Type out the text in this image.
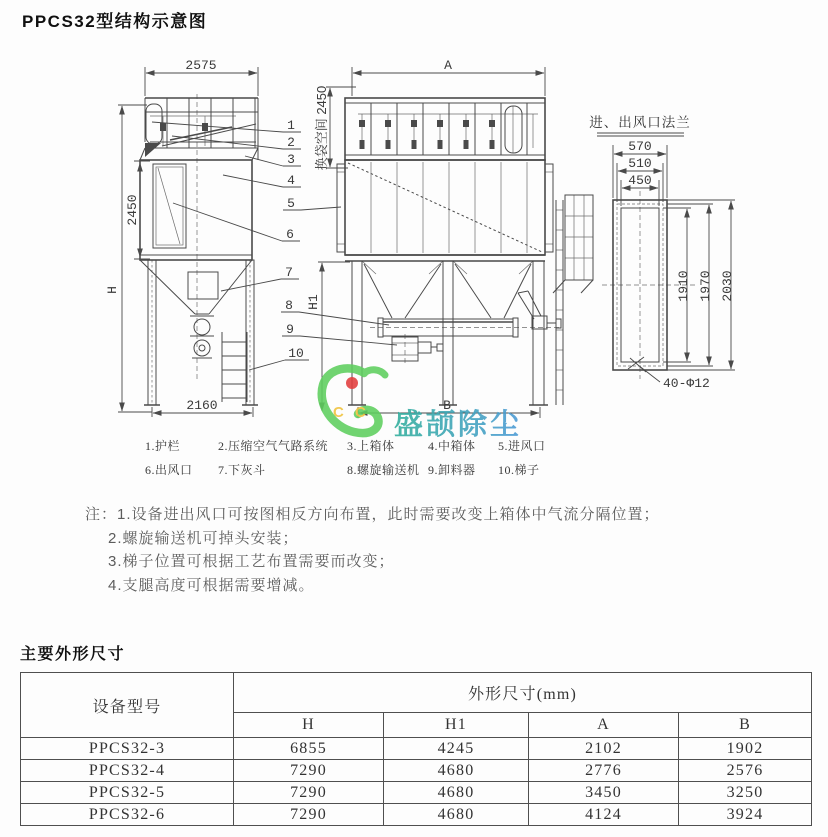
PPCS32型结构示意图
2575
H
2450
2160
1
2
3
4
5
6
7
8
9
10
A
换袋空间 2450
H1
B
进、出风口法兰
570
510
450
1910 1970 2030
40-Φ12
C C 盛颉除尘
1.护栏	2.压缩空气气路系统 3.上箱体	4.中箱体 5.进风口
6.出风口 7.下灰斗	8.螺旋输送机 9.卸料器 10.梯子
注：1.设备进出风口可按图相反方向布置，此时需要改变上箱体中气流分隔位置；
2.螺旋输送机可掉头安装；
3.梯子位置可根据工艺布置需要而改变；
4.支腿高度可根据需要增减。
主要外形尺寸
设备型号	外形尺寸(mm)			
	H	H1	A	B
PPCS32-3	6855	4245	2102	1902
PPCS32-4	7290	4680	2776	2576
PPCS32-5	7290	4680	3450	3250
PPCS32-6	7290	4680	4124	3924
